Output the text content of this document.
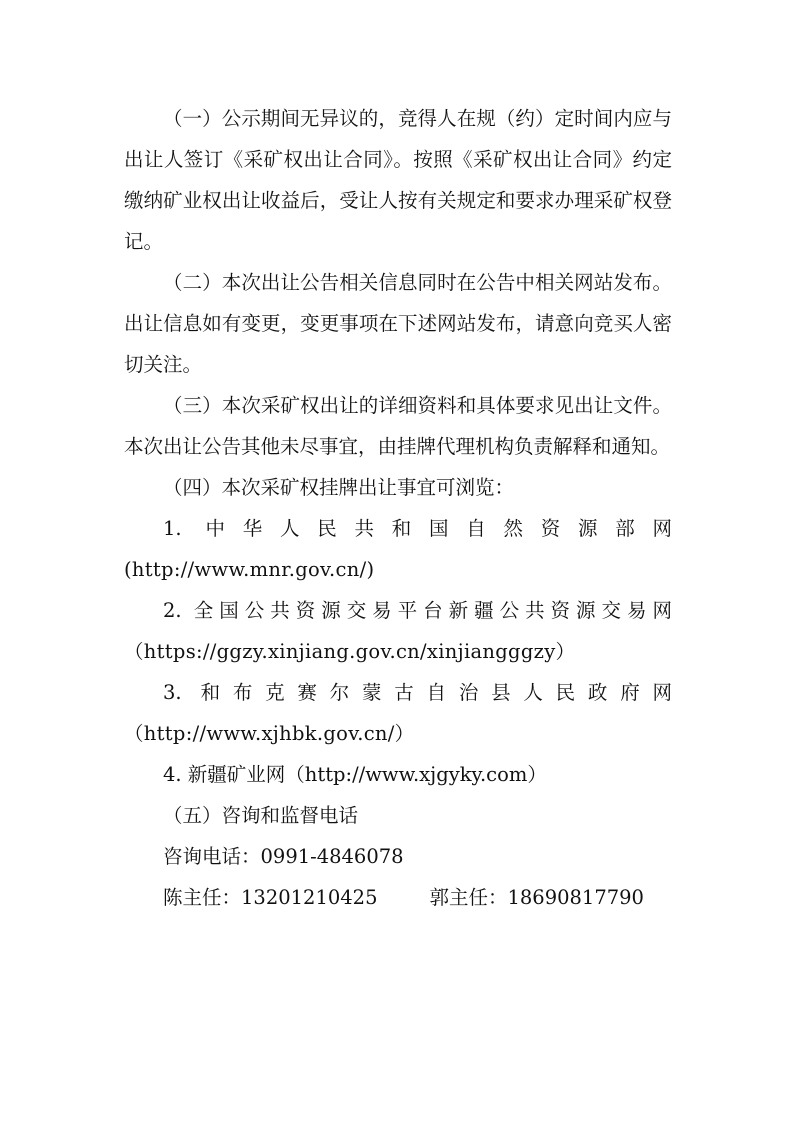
（一）公示期间无异议的，竞得人在规（约）定时间内应与出让人签订《采矿权出让合同》。按照《采矿权出让合同》约定缴纳矿业权出让收益后，受让人按有关规定和要求办理采矿权登记。

（二）本次出让公告相关信息同时在公告中相关网站发布。出让信息如有变更，变更事项在下述网站发布，请意向竞买人密切关注。

（三）本次采矿权出让的详细资料和具体要求见出让文件。本次出让公告其他未尽事宜，由挂牌代理机构负责解释和通知。

（四）本次采矿权挂牌出让事宜可浏览：

1. 中华人民共和国自然资源部网

(http://www.mnr.gov.cn/)

2. 全国公共资源交易平台新疆公共资源交易网

（https://ggzy.xinjiang.gov.cn/xinjiangggzy）

3. 和布克赛尔蒙古自治县人民政府网

（http://www.xjhbk.gov.cn/）

4. 新疆矿业网（http://www.xjgyky.com）

（五）咨询和监督电话

咨询电话：0991-4846078

陈主任：13201210425	郭主任：18690817790
